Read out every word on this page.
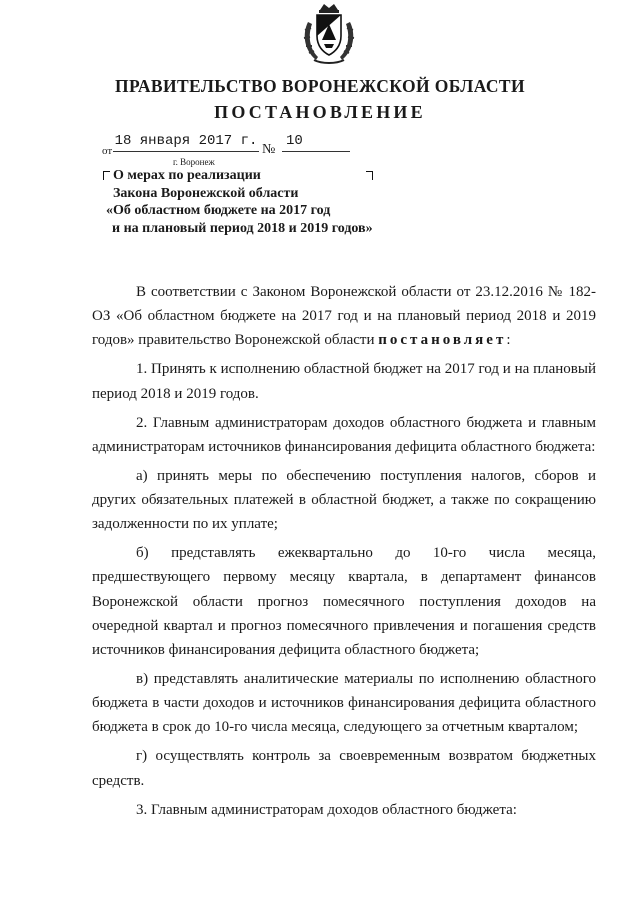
ПРАВИТЕЛЬСТВО ВОРОНЕЖСКОЙ ОБЛАСТИ
ПОСТАНОВЛЕНИЕ
от
18 января 2017 г.
№
10
г. Воронеж
О мерах по реализации
Закона Воронежской области
«Об областном бюджете на 2017 год
и на плановый период 2018 и 2019 годов»

В соответствии с Законом Воронежской области от 23.12.2016 № 182-ОЗ «Об областном бюджете на 2017 год и на плановый период 2018 и 2019 годов» правительство Воронежской области постановляет:

1. Принять к исполнению областной бюджет на 2017 год и на плановый период 2018 и 2019 годов.

2. Главным администраторам доходов областного бюджета и главным администраторам источников финансирования дефицита областного бюджета:

а) принять меры по обеспечению поступления налогов, сборов и других обязательных платежей в областной бюджет, а также по сокращению задолженности по их уплате;

б) представлять ежеквартально до 10-го числа месяца, предшествующего первому месяцу квартала, в департамент финансов Воронежской области прогноз помесячного поступления доходов на очередной квартал и прогноз помесячного привлечения и погашения средств источников финансирования дефицита областного бюджета;

в) представлять аналитические материалы по исполнению областного бюджета в части доходов и источников финансирования дефицита областного бюджета в срок до 10-го числа месяца, следующего за отчетным кварталом;

г) осуществлять контроль за своевременным возвратом бюджетных средств.

3. Главным администраторам доходов областного бюджета:
